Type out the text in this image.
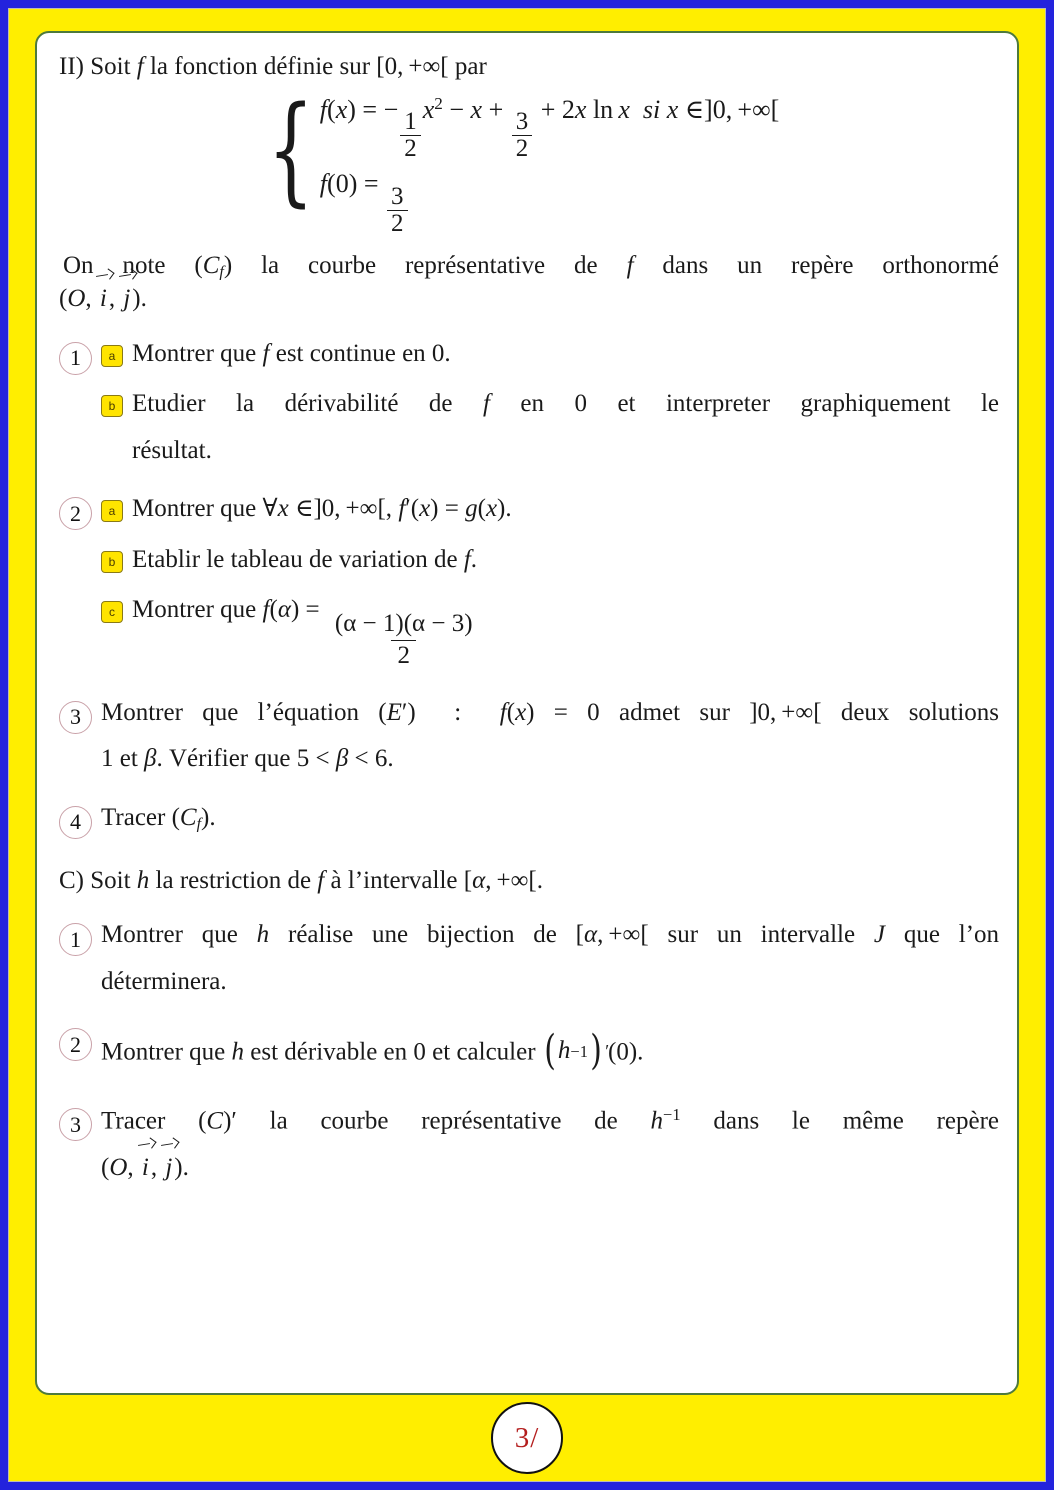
II) Soit f la fonction définie sur [0, +∞[ par
{ f(x) = −
$\frac{1}{2}$
$x^2 - x$ +
$\frac{3}{2}$
+ 2x ln x si x ∈]0, +∞[
f(0) =
$\frac{3}{2}$
On note $(C_f)$ la courbe représentative de f dans un repère orthonormé
(O,
i,
j).
1	a Montrer que f est continue en 0.
b Etudier la dérivabilité de f en 0 et interpreter graphiquement le
résultat.
2	a Montrer que ∀x ∈]0, +∞[, f′(x) = g(x).
b Etablir le tableau de variation de f.
c Montrer que f(α) =
$\frac{(\alpha - 1)(\alpha - 3)}{2}$
3 Montrer que l’équation (E′)  :  f(x) = 0 admet sur ]0, +∞[ deux solutions
1 et β. Vérifier que 5 < β < 6.
4 Tracer $(C_f)$.
C) Soit h la restriction de f à l’intervalle [α, +∞[.
1 Montrer que h réalise une bijection de [α, +∞[ sur un intervalle J que l’on
déterminera.
2 Montrer que h est dérivable en 0 et calculer ( h −1 ) ′ (0).
3 Tracer (C)′ la courbe représentative de $h^{-1}$ dans le même repère
(O,
i,
j).
3/
